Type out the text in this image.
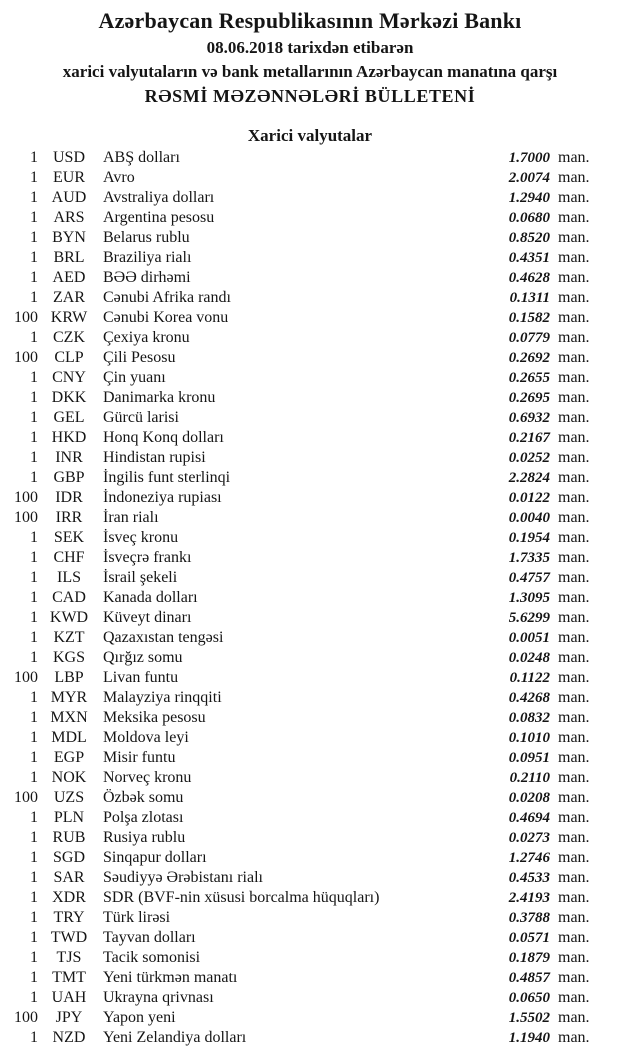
Azərbaycan Respublikasının Mərkəzi Bankı
08.06.2018 tarixdən etibarən
xarici valyutaların və bank metallarının Azərbaycan manatına qarşı
RƏSMİ MƏZƏNNƏLƏRİ BÜLLETENİ
Xarici valyutalar
1 USD	ABŞ dolları	1.7000 man.
1 EUR	Avro	2.0074 man.
1 AUD	Avstraliya dolları	1.2940 man.
1 ARS	Argentina pesosu	0.0680 man.
1 BYN	Belarus rublu	0.8520 man.
1 BRL	Braziliya rialı	0.4351 man.
1 AED	BƏƏ dirhəmi	0.4628 man.
1 ZAR	Cənubi Afrika randı	0.1311 man.
100 KRW Cənubi Korea vonu	0.1582 man.
1 CZK	Çexiya kronu	0.0779 man.
100	CLP	Çili Pesosu	0.2692 man.
1 CNY	Çin yuanı	0.2655 man.
1 DKK	Danimarka kronu	0.2695 man.
1 GEL	Gürcü larisi	0.6932 man.
1 HKD	Honq Konq dolları	0.2167 man.
1	INR	Hindistan rupisi	0.0252 man.
1 GBP	İngilis funt sterlinqi	2.2824 man.
100	IDR	İndoneziya rupiası	0.0122 man.
100	IRR	İran rialı	0.0040 man.
1 SEK	İsveç kronu	0.1954 man.
1 CHF	İsveçrə frankı	1.7335 man.
1	ILS	İsrail şekeli	0.4757 man.
1 CAD	Kanada dolları	1.3095 man.
1 KWD Küveyt dinarı	5.6299 man.
1 KZT	Qazaxıstan tengəsi	0.0051 man.
1 KGS	Qırğız somu	0.0248 man.
100	LBP	Livan funtu	0.1122 man.
1 MYR Malayziya rinqqiti	0.4268 man.
1 MXN Meksika pesosu	0.0832 man.
1 MDL	Moldova leyi	0.1010 man.
1 EGP	Misir funtu	0.0951 man.
1 NOK	Norveç kronu	0.2110 man.
100 UZS	Özbək somu	0.0208 man.
1 PLN	Polşa zlotası	0.4694 man.
1 RUB	Rusiya rublu	0.0273 man.
1 SGD	Sinqapur dolları	1.2746 man.
1 SAR	Səudiyyə Ərəbistanı rialı	0.4533 man.
1 XDR	SDR (BVF-nin xüsusi borcalma hüquqları)	2.4193 man.
1 TRY	Türk lirəsi	0.3788 man.
1 TWD Tayvan dolları	0.0571 man.
1	TJS	Tacik somonisi	0.1879 man.
1 TMT	Yeni türkmən manatı	0.4857 man.
1 UAH	Ukrayna qrivnası	0.0650 man.
100	JPY	Yapon yeni	1.5502 man.
1 NZD	Yeni Zelandiya dolları	1.1940 man.
